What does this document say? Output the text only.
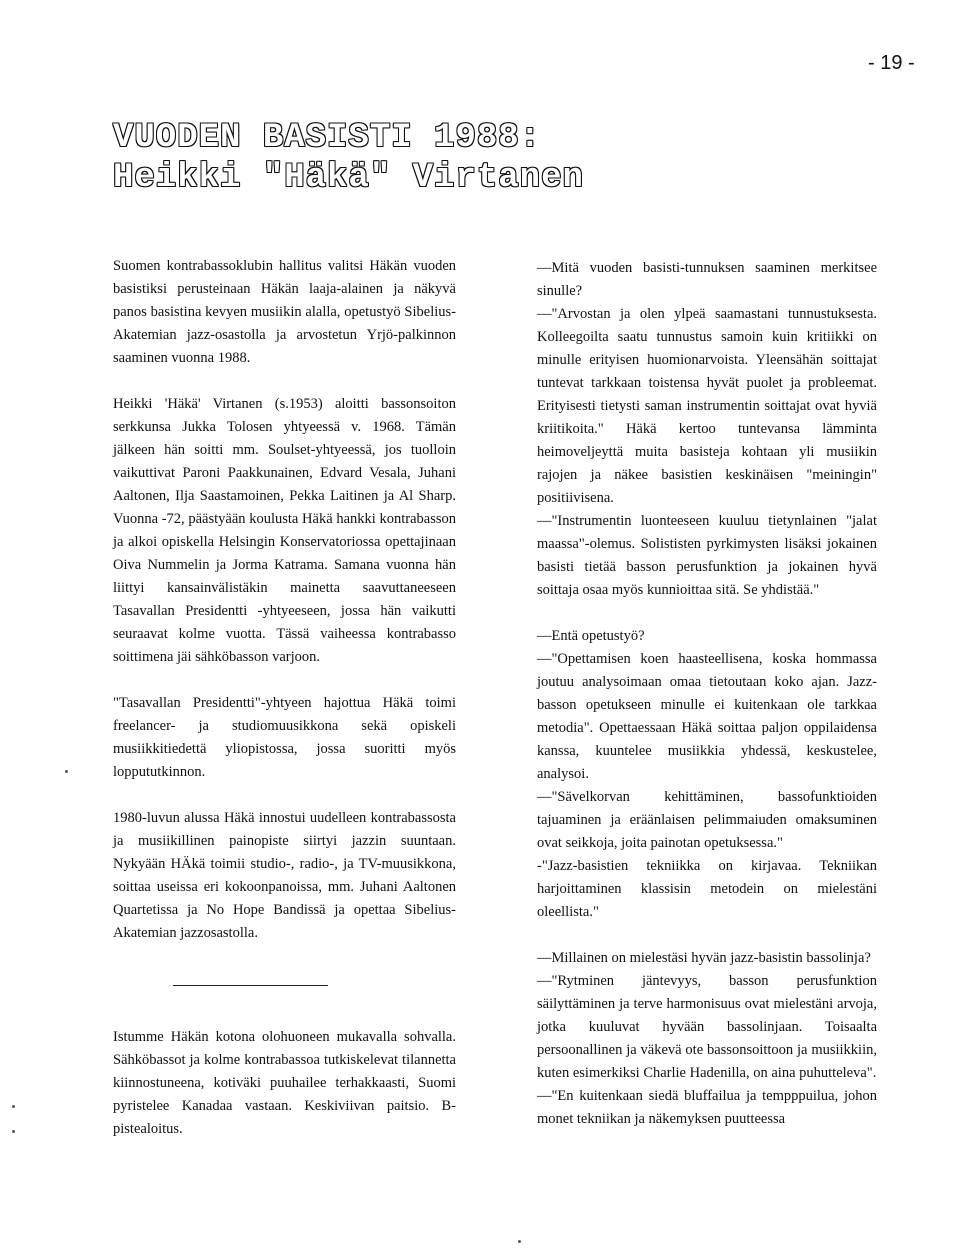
- 19 -
VUODEN BASISTI 1988:
Heikki "Häkä" Virtanen

Suomen kontrabassoklubin hallitus valitsi Häkän vuoden basistiksi perusteinaan Häkän laaja-alainen ja näkyvä panos basistina kevyen musiikin alalla, opetustyö Sibelius-Akatemian jazz-osastolla ja arvostetun Yrjö-palkinnon saaminen vuonna 1988.

Heikki 'Häkä' Virtanen (s.1953) aloitti bassonsoiton serkkunsa Jukka Tolosen yhtyeessä v. 1968. Tämän jälkeen hän soitti mm. Soulset-yhtyeessä, jos tuolloin vaikuttivat Paroni Paakkunainen, Edvard Vesala, Juhani Aaltonen, Ilja Saastamoinen, Pekka Laitinen ja Al Sharp. Vuonna -72, päästyään koulusta Häkä hankki kontrabasson ja alkoi opiskella Helsingin Konservatoriossa opettajinaan Oiva Nummelin ja Jorma Katrama. Samana vuonna hän liittyi kansainvälistäkin mainetta saavuttaneeseen Tasavallan Presidentti -yhtyeeseen, jossa hän vaikutti seuraavat kolme vuotta. Tässä vaiheessa kontrabasso soittimena jäi sähköbasson varjoon.

"Tasavallan Presidentti"-yhtyeen hajottua Häkä toimi freelancer- ja studiomuusikkona sekä opiskeli musiikkitiedettä yliopistossa, jossa suoritti myös loppututkinnon.

1980-luvun alussa Häkä innostui uudelleen kontrabassosta ja musiikillinen painopiste siirtyi jazzin suuntaan. Nykyään HÄkä toimii studio-, radio-, ja TV-muusikkona, soittaa useissa eri kokoonpanoissa, mm. Juhani Aaltonen Quartetissa ja No Hope Bandissä ja opettaa Sibelius-Akatemian jazzosastolla.

Istumme Häkän kotona olohuoneen mukavalla sohvalla. Sähköbassot ja kolme kontrabassoa tutkiskelevat tilannetta kiinnostuneena, kotiväki puuhailee terhakkaasti, Suomi pyristelee Kanadaa vastaan. Keskiviivan paitsio. B-pistealoitus.

—Mitä vuoden basisti-tunnuksen saaminen merkitsee sinulle?

—"Arvostan ja olen ylpeä saamastani tunnustuksesta. Kolleegoilta saatu tunnustus samoin kuin kritiikki on minulle erityisen huomionarvoista. Yleensähän soittajat tuntevat tarkkaan toistensa hyvät puolet ja probleemat. Erityisesti tietysti saman instrumentin soittajat ovat hyviä kriitikoita." Häkä kertoo tuntevansa lämminta heimoveljeyttä muita basisteja kohtaan yli musiikin rajojen ja näkee basistien keskinäisen "meiningin" positiivisena.

—"Instrumentin luonteeseen kuuluu tietynlainen "jalat maassa"-olemus. Solististen pyrkimysten lisäksi jokainen basisti tietää basson perusfunktion ja jokainen hyvä soittaja osaa myös kunnioittaa sitä. Se yhdistää."

—Entä opetustyö?

—"Opettamisen koen haasteellisena, koska hommassa joutuu analysoimaan omaa tietoutaan koko ajan. Jazz-basson opetukseen minulle ei kuitenkaan ole tarkkaa metodia". Opettaessaan Häkä soittaa paljon oppilaidensa kanssa, kuuntelee musiikkia yhdessä, keskustelee, analysoi.

—"Sävelkorvan kehittäminen, bassofunktioiden tajuaminen ja eräänlaisen pelimmaiuden omaksuminen ovat seikkoja, joita painotan opetuksessa."

-"Jazz-basistien tekniikka on kirjavaa. Tekniikan harjoittaminen klassisin metodein on mielestäni oleellista."

—Millainen on mielestäsi hyvän jazz-basistin bassolinja?

—"Rytminen jäntevyys, basson perusfunktion säilyttäminen ja terve harmonisuus ovat mielestäni arvoja, jotka kuuluvat hyvään bassolinjaan. Toisaalta persoonallinen ja väkevä ote bassonsoittoon ja musiikkiin, kuten esimerkiksi Charlie Hadenilla, on aina puhutteleva".

—"En kuitenkaan siedä bluffailua ja tempppuilua, johon monet tekniikan ja näkemyksen puutteessa
